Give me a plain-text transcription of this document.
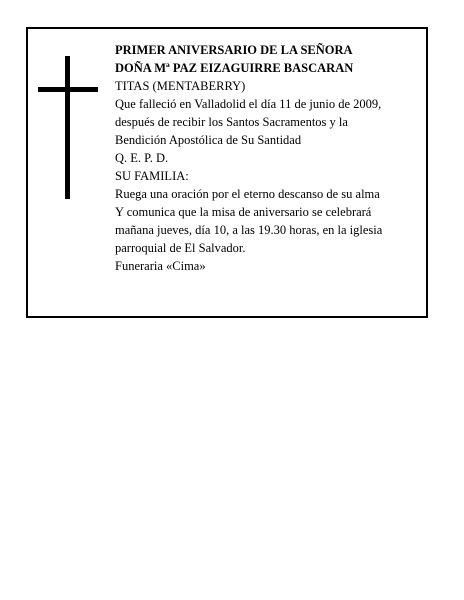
PRIMER ANIVERSARIO DE LA SEÑORA
DOÑA Mª PAZ EIZAGUIRRE BASCARAN
TITAS (MENTABERRY)
Que falleció en Valladolid el día 11 de junio de 2009,
después de recibir los Santos Sacramentos y la
Bendición Apostólica de Su Santidad
Q. E. P. D.
SU FAMILIA:
Ruega una oración por el eterno descanso de su alma
Y comunica que la misa de aniversario se celebrará
mañana jueves, día 10, a las 19.30 horas, en la iglesia
parroquial de El Salvador.
Funeraria «Cima»
